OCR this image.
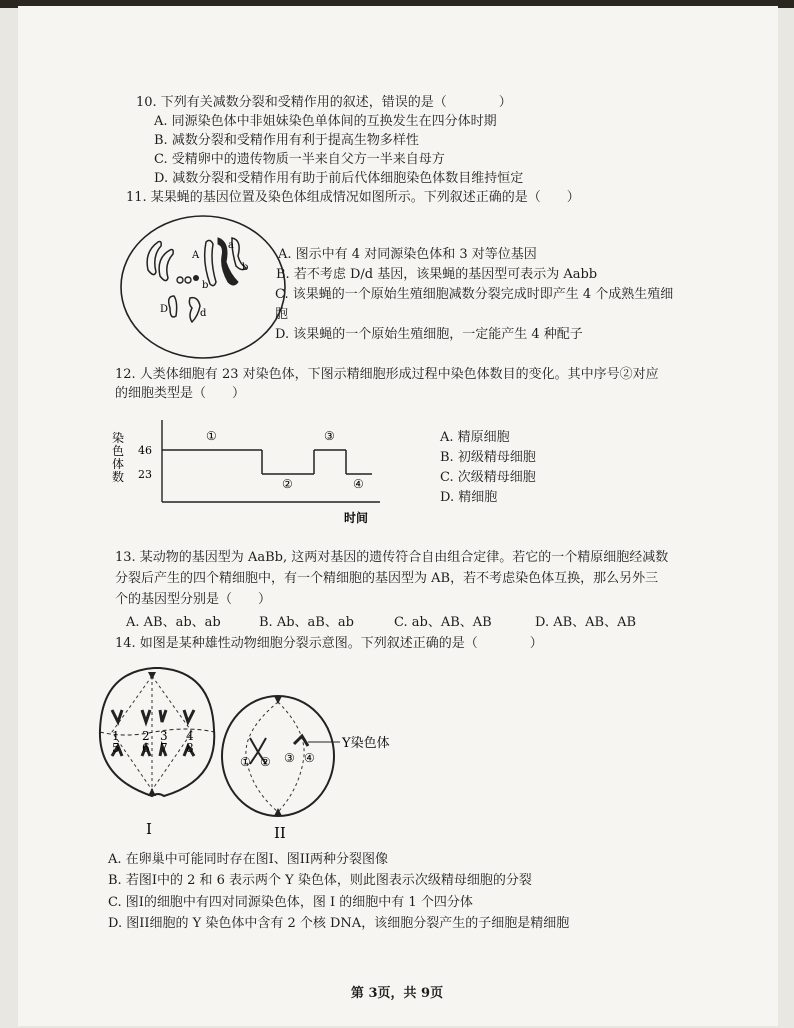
10. 下列有关减数分裂和受精作用的叙述，错误的是（　　　　）
A. 同源染色体中非姐妹染色单体间的互换发生在四分体时期
B. 减数分裂和受精作用有利于提高生物多样性
C. 受精卵中的遗传物质一半来自父方一半来自母方
D. 减数分裂和受精作用有助于前后代体细胞染色体数目维持恒定
11. 某果蝇的基因位置及染色体组成情况如图所示。下列叙述正确的是（　　）
A
a
b
b
D	d
A. 图示中有 4 对同源染色体和 3 对等位基因
B. 若不考虑 D/d 基因，该果蝇的基因型可表示为 Aabb
C. 该果蝇的一个原始生殖细胞减数分裂完成时即产生 4 个成熟生殖细
胞
D. 该果蝇的一个原始生殖细胞，一定能产生 4 种配子
12. 人类体细胞有 23 对染色体，下图示精细胞形成过程中染色体数目的变化。其中序号②对应
的细胞类型是（　　）
染色体数
46
23
①
②
③
④
时间
A. 精原细胞
B. 初级精母细胞
C. 次级精母细胞
D. 精细胞
13. 某动物的基因型为 AaBb, 这两对基因的遗传符合自由组合定律。若它的一个精原细胞经减数
分裂后产生的四个精细胞中，有一个精细胞的基因型为 AB，若不考虑染色体互换，那么另外三
个的基因型分别是（　　）
A. AB、ab、ab	B. Ab、aB、ab	C. ab、AB、AB	D. AB、AB、AB
14. 如图是某种雄性动物细胞分裂示意图。下列叙述正确的是（　　　　）
1
5
2
6
3
7
4
8
I
① ② ③ ④
Y染色体
II
A. 在卵巢中可能同时存在图I、图II两种分裂图像
B. 若图I中的 2 和 6 表示两个 Y 染色体，则此图表示次级精母细胞的分裂
C. 图I的细胞中有四对同源染色体，图 I 的细胞中有 1 个四分体
D. 图II细胞的 Y 染色体中含有 2 个核 DNA，该细胞分裂产生的子细胞是精细胞
第 3页，共 9页
